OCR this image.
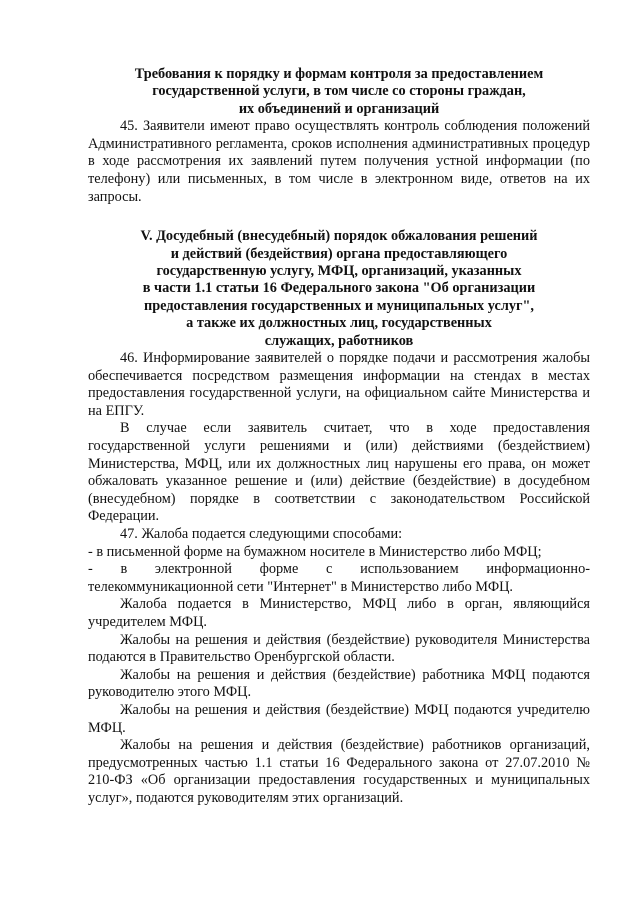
Требования к порядку и формам контроля за предоставлением
государственной услуги, в том числе со стороны граждан,
их объединений и организаций

45. Заявители имеют право осуществлять контроль соблюдения положений Административного регламента, сроков исполнения административных процедур в ходе рассмотрения их заявлений путем получения устной информации (по телефону) или письменных, в том числе в электронном виде, ответов на их запросы.

V. Досудебный (внесудебный) порядок обжалования решений
и действий (бездействия) органа предоставляющего
государственную услугу, МФЦ, организаций, указанных
в части 1.1 статьи 16 Федерального закона "Об организации
предоставления государственных и муниципальных услуг",
а также их должностных лиц, государственных
служащих, работников

46. Информирование заявителей о порядке подачи и рассмотрения жалобы обеспечивается посредством размещения информации на стендах в местах предоставления государственной услуги, на официальном сайте Министерства и на ЕПГУ.

В случае если заявитель считает, что в ходе предоставления государственной услуги решениями и (или) действиями (бездействием) Министерства, МФЦ, или их должностных лиц нарушены его права, он может обжаловать указанное решение и (или) действие (бездействие) в досудебном (внесудебном) порядке в соответствии с законодательством Российской Федерации.

47. Жалоба подается следующими способами:

- в письменной форме на бумажном носителе в Министерство либо МФЦ;

- в электронной форме с использованием информационно-телекоммуникационной сети "Интернет" в Министерство либо МФЦ.

Жалоба подается в Министерство, МФЦ либо в орган, являющийся учредителем МФЦ.

Жалобы на решения и действия (бездействие) руководителя Министерства подаются в Правительство Оренбургской области.

Жалобы на решения и действия (бездействие) работника МФЦ подаются руководителю этого МФЦ.

Жалобы на решения и действия (бездействие) МФЦ подаются учредителю МФЦ.

Жалобы на решения и действия (бездействие) работников организаций, предусмотренных частью 1.1 статьи 16 Федерального закона от 27.07.2010 № 210-ФЗ «Об организации предоставления государственных и муниципальных услуг», подаются руководителям этих организаций.
